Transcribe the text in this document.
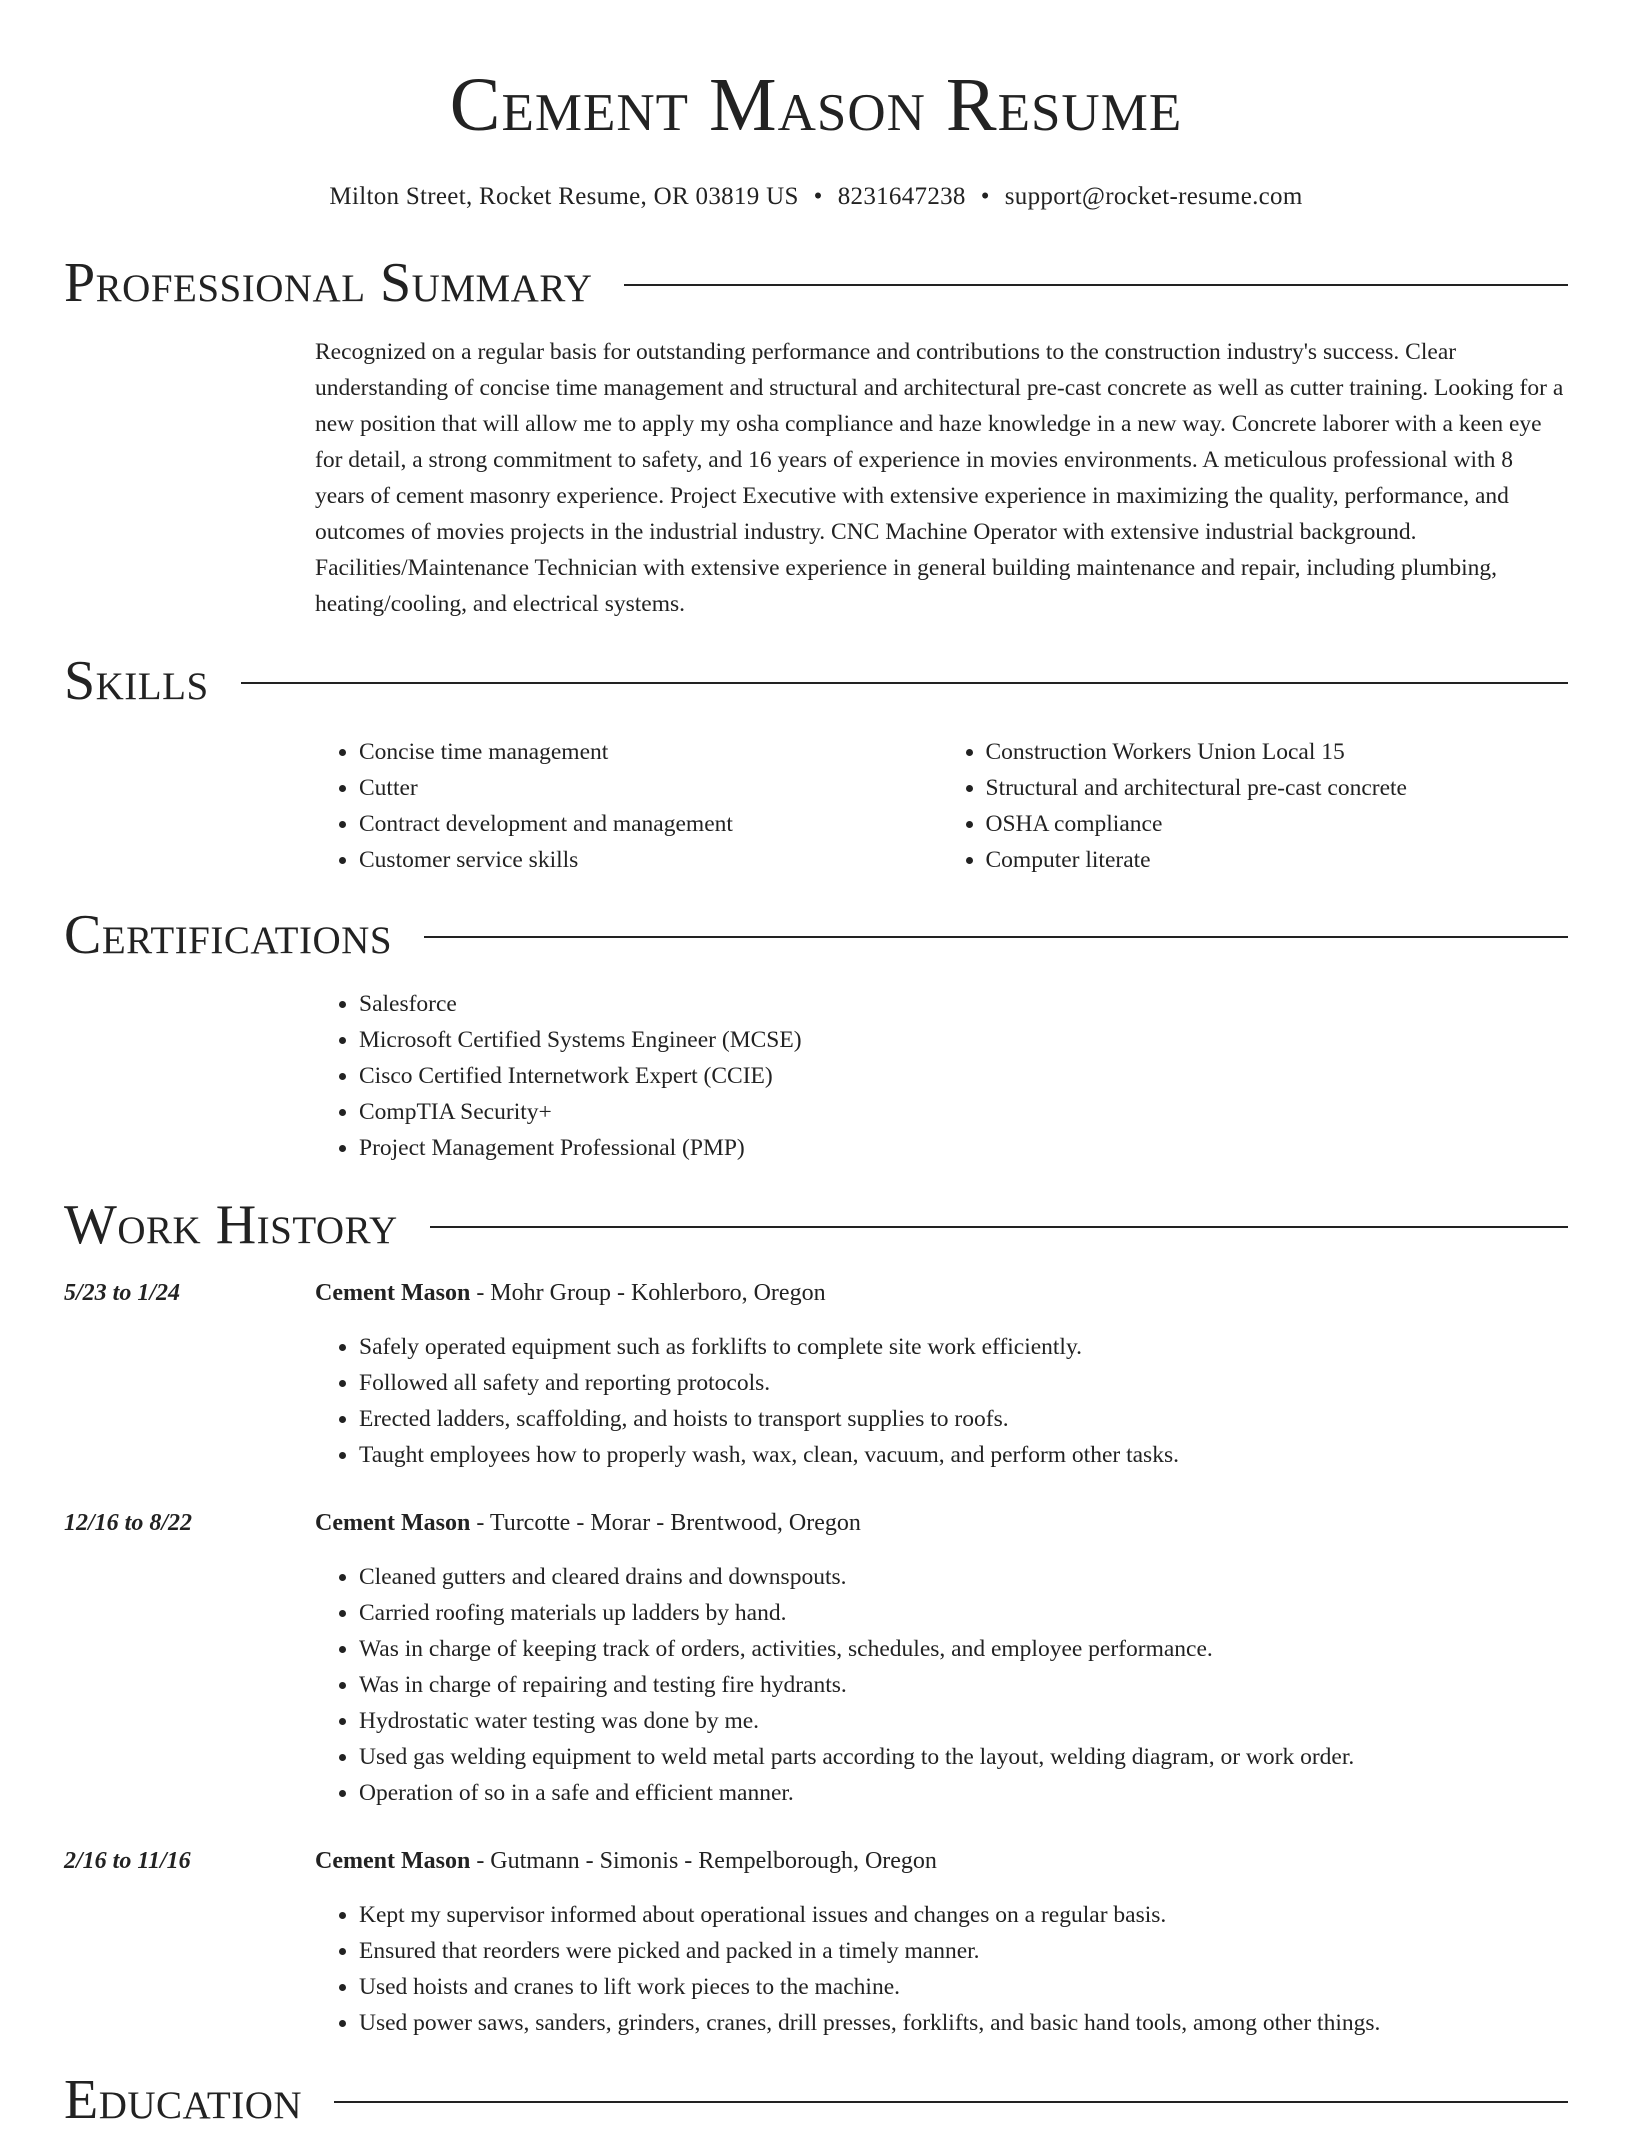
Cement Mason Resume
Milton Street, Rocket Resume, OR 03819 US • 8231647238 • support@rocket-resume.com
Professional Summary

Recognized on a regular basis for outstanding performance and contributions to the construction industry's success. Clear understanding of concise time management and structural and architectural pre-cast concrete as well as cutter training. Looking for a new position that will allow me to apply my osha compliance and haze knowledge in a new way. Concrete laborer with a keen eye for detail, a strong commitment to safety, and 16 years of experience in movies environments. A meticulous professional with 8 years of cement masonry experience. Project Executive with extensive experience in maximizing the quality, performance, and outcomes of movies projects in the industrial industry. CNC Machine Operator with extensive industrial background. Facilities/Maintenance Technician with extensive experience in general building maintenance and repair, including plumbing, heating/cooling, and electrical systems.

Skills
• Concise time management
• Cutter
• Contract development and management
• Customer service skills
• Construction Workers Union Local 15
• Structural and architectural pre-cast concrete
• OSHA compliance
• Computer literate
Certifications
• Salesforce
• Microsoft Certified Systems Engineer (MCSE)
• Cisco Certified Internetwork Expert (CCIE)
• CompTIA Security+
• Project Management Professional (PMP)
Work History
5/23 to 1/24	Cement Mason - Mohr Group - Kohlerboro, Oregon
• Safely operated equipment such as forklifts to complete site work efficiently.
• Followed all safety and reporting protocols.
• Erected ladders, scaffolding, and hoists to transport supplies to roofs.
• Taught employees how to properly wash, wax, clean, vacuum, and perform other tasks.
12/16 to 8/22	Cement Mason - Turcotte - Morar - Brentwood, Oregon
• Cleaned gutters and cleared drains and downspouts.
• Carried roofing materials up ladders by hand.
• Was in charge of keeping track of orders, activities, schedules, and employee performance.
• Was in charge of repairing and testing fire hydrants.
• Hydrostatic water testing was done by me.
• Used gas welding equipment to weld metal parts according to the layout, welding diagram, or work order.
• Operation of so in a safe and efficient manner.
2/16 to 11/16	Cement Mason - Gutmann - Simonis - Rempelborough, Oregon
• Kept my supervisor informed about operational issues and changes on a regular basis.
• Ensured that reorders were picked and packed in a timely manner.
• Used hoists and cranes to lift work pieces to the machine.
• Used power saws, sanders, grinders, cranes, drill presses, forklifts, and basic hand tools, among other things.
Education
